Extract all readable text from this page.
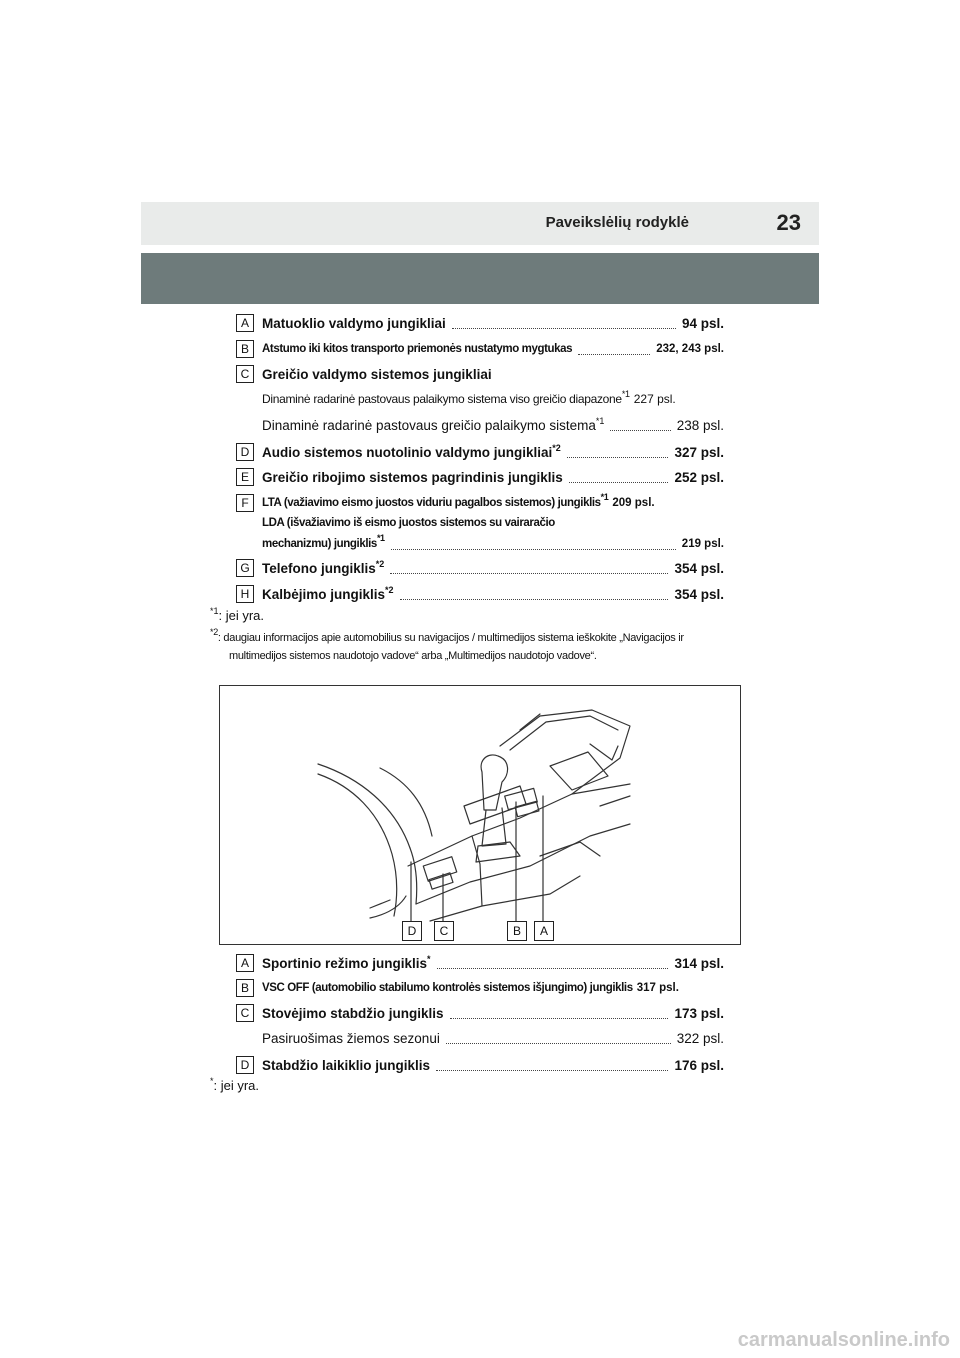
Paveikslėlių rodyklė	23
A Matuoklio valdymo jungikliai	94 psl.
B	Atstumo iki kitos transporto priemonės nustatymo mygtukas	232, 243 psl.
C Greičio valdymo sistemos jungikliai
Dinaminė radarinė pastovaus palaikymo sistema viso greičio diapazone$^{*1}$ 227 psl.
Dinaminė radarinė pastovaus greičio palaikymo sistema$^{*1}$	238 psl.
D Audio sistemos nuotolinio valdymo jungikliai$^{*2}$	327 psl.
E Greičio ribojimo sistemos pagrindinis jungiklis	252 psl.
F	LTA (važiavimo eismo juostos viduriu pagalbos sistemos) jungiklis$^{*1}$ 209 psl.
LDA (išvažiavimo iš eismo juostos sistemos su vairaračio
mechanizmu) jungiklis$^{*1}$	219 psl.
G Telefono jungiklis$^{*2}$	354 psl.
H Kalbėjimo jungiklis$^{*2}$	354 psl.
$^{*1}$: jei yra.
$^{*2}$: daugiau informacijos apie automobilius su navigacijos / multimedijos sistema ieškokite „Navigacijos ir
multimedijos sistemos naudotojo vadove“ arba „Multimedijos naudotojo vadove“.
D	C	B	A
A Sportinio režimo jungiklis*	314 psl.
B	VSC OFF (automobilio stabilumo kontrolės sistemos išjungimo) jungiklis 317 psl.
C Stovėjimo stabdžio jungiklis	173 psl.
Pasiruošimas žiemos sezonui	322 psl.
D Stabdžio laikiklio jungiklis	176 psl.
*: jei yra.
carmanualsonline.info
